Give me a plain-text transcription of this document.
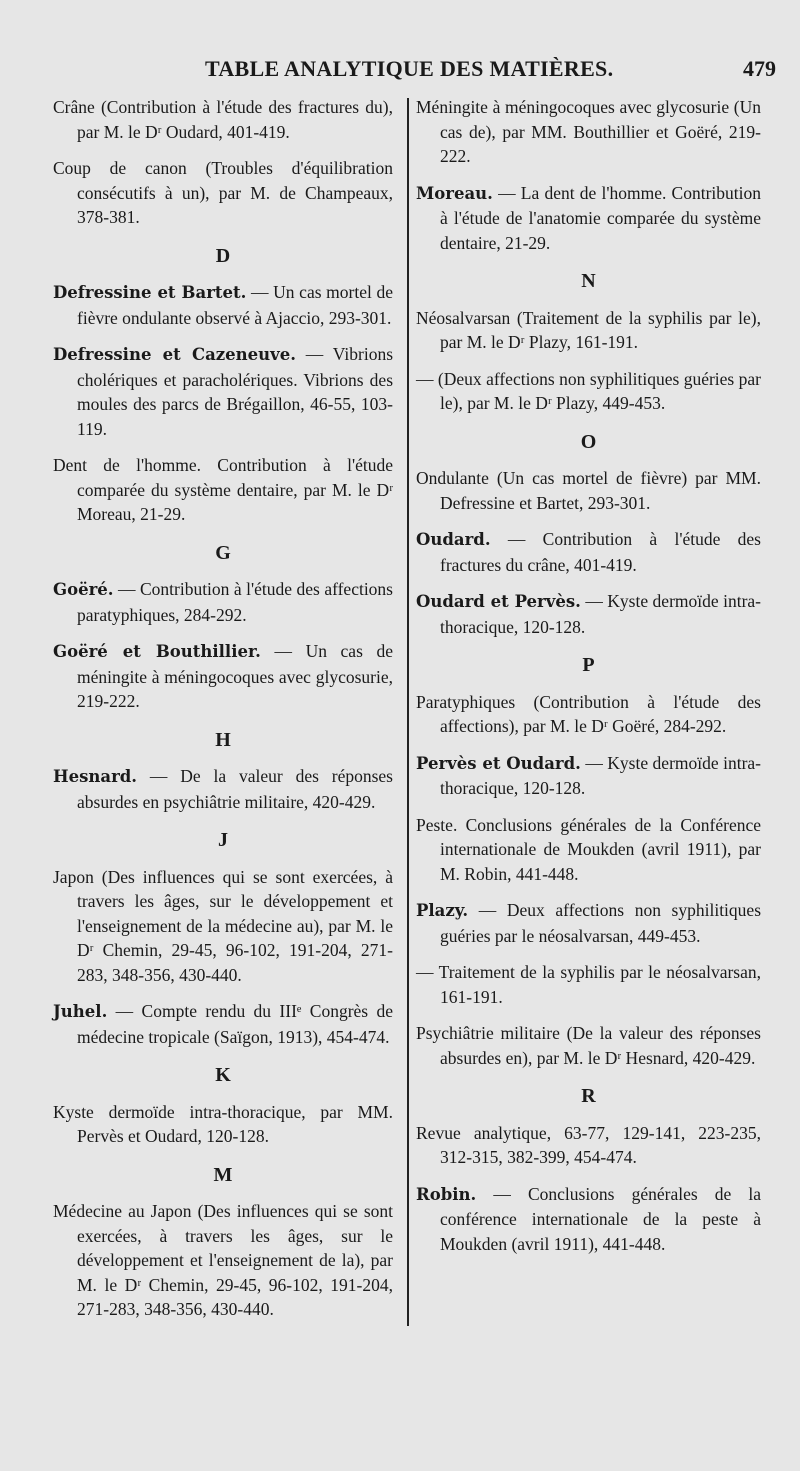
TABLE ANALYTIQUE DES MATIÈRES.	479

Crâne (Contribution à l'étude des fractures du), par M. le Dʳ Oudard, 401-419.

Coup de canon (Troubles d'équilibration consécutifs à un), par M. de Champeaux, 378-381.

D

Defressine et Bartet. — Un cas mortel de fièvre ondulante observé à Ajaccio, 293-301.

Defressine et Cazeneuve. — Vibrions cholériques et paracholériques. Vibrions des moules des parcs de Brégaillon, 46-55, 103-119.

Dent de l'homme. Contribution à l'étude comparée du système dentaire, par M. le Dʳ Moreau, 21-29.

G

Goëré. — Contribution à l'étude des affections paratyphiques, 284-292.

Goëré et Bouthillier. — Un cas de méningite à méningocoques avec glycosurie, 219-222.

H

Hesnard. — De la valeur des réponses absurdes en psychiâtrie militaire, 420-429.

J

Japon (Des influences qui se sont exercées, à travers les âges, sur le développement et l'enseignement de la médecine au), par M. le Dʳ Chemin, 29-45, 96-102, 191-204, 271-283, 348-356, 430-440.

Juhel. — Compte rendu du IIIᵉ Congrès de médecine tropicale (Saïgon, 1913), 454-474.

K

Kyste dermoïde intra-thoracique, par MM. Pervès et Oudard, 120-128.

M

Médecine au Japon (Des influences qui se sont exercées, à travers les âges, sur le développement et l'enseignement de la), par M. le Dʳ Chemin, 29-45, 96-102, 191-204, 271-283, 348-356, 430-440.

Méningite à méningocoques avec glycosurie (Un cas de), par MM. Bouthillier et Goëré, 219-222.

Moreau. — La dent de l'homme. Contribution à l'étude de l'anatomie comparée du système dentaire, 21-29.

N

Néosalvarsan (Traitement de la syphilis par le), par M. le Dʳ Plazy, 161-191.

— (Deux affections non syphilitiques guéries par le), par M. le Dʳ Plazy, 449-453.

O

Ondulante (Un cas mortel de fièvre) par MM. Defressine et Bartet, 293-301.

Oudard. — Contribution à l'étude des fractures du crâne, 401-419.

Oudard et Pervès. — Kyste dermoïde intra-thoracique, 120-128.

P

Paratyphiques (Contribution à l'étude des affections), par M. le Dʳ Goëré, 284-292.

Pervès et Oudard. — Kyste dermoïde intra-thoracique, 120-128.

Peste. Conclusions générales de la Conférence internationale de Moukden (avril 1911), par M. Robin, 441-448.

Plazy. — Deux affections non syphilitiques guéries par le néosalvarsan, 449-453.

— Traitement de la syphilis par le néosalvarsan, 161-191.

Psychiâtrie militaire (De la valeur des réponses absurdes en), par M. le Dʳ Hesnard, 420-429.

R

Revue analytique, 63-77, 129-141, 223-235, 312-315, 382-399, 454-474.

Robin. — Conclusions générales de la conférence internationale de la peste à Moukden (avril 1911), 441-448.
